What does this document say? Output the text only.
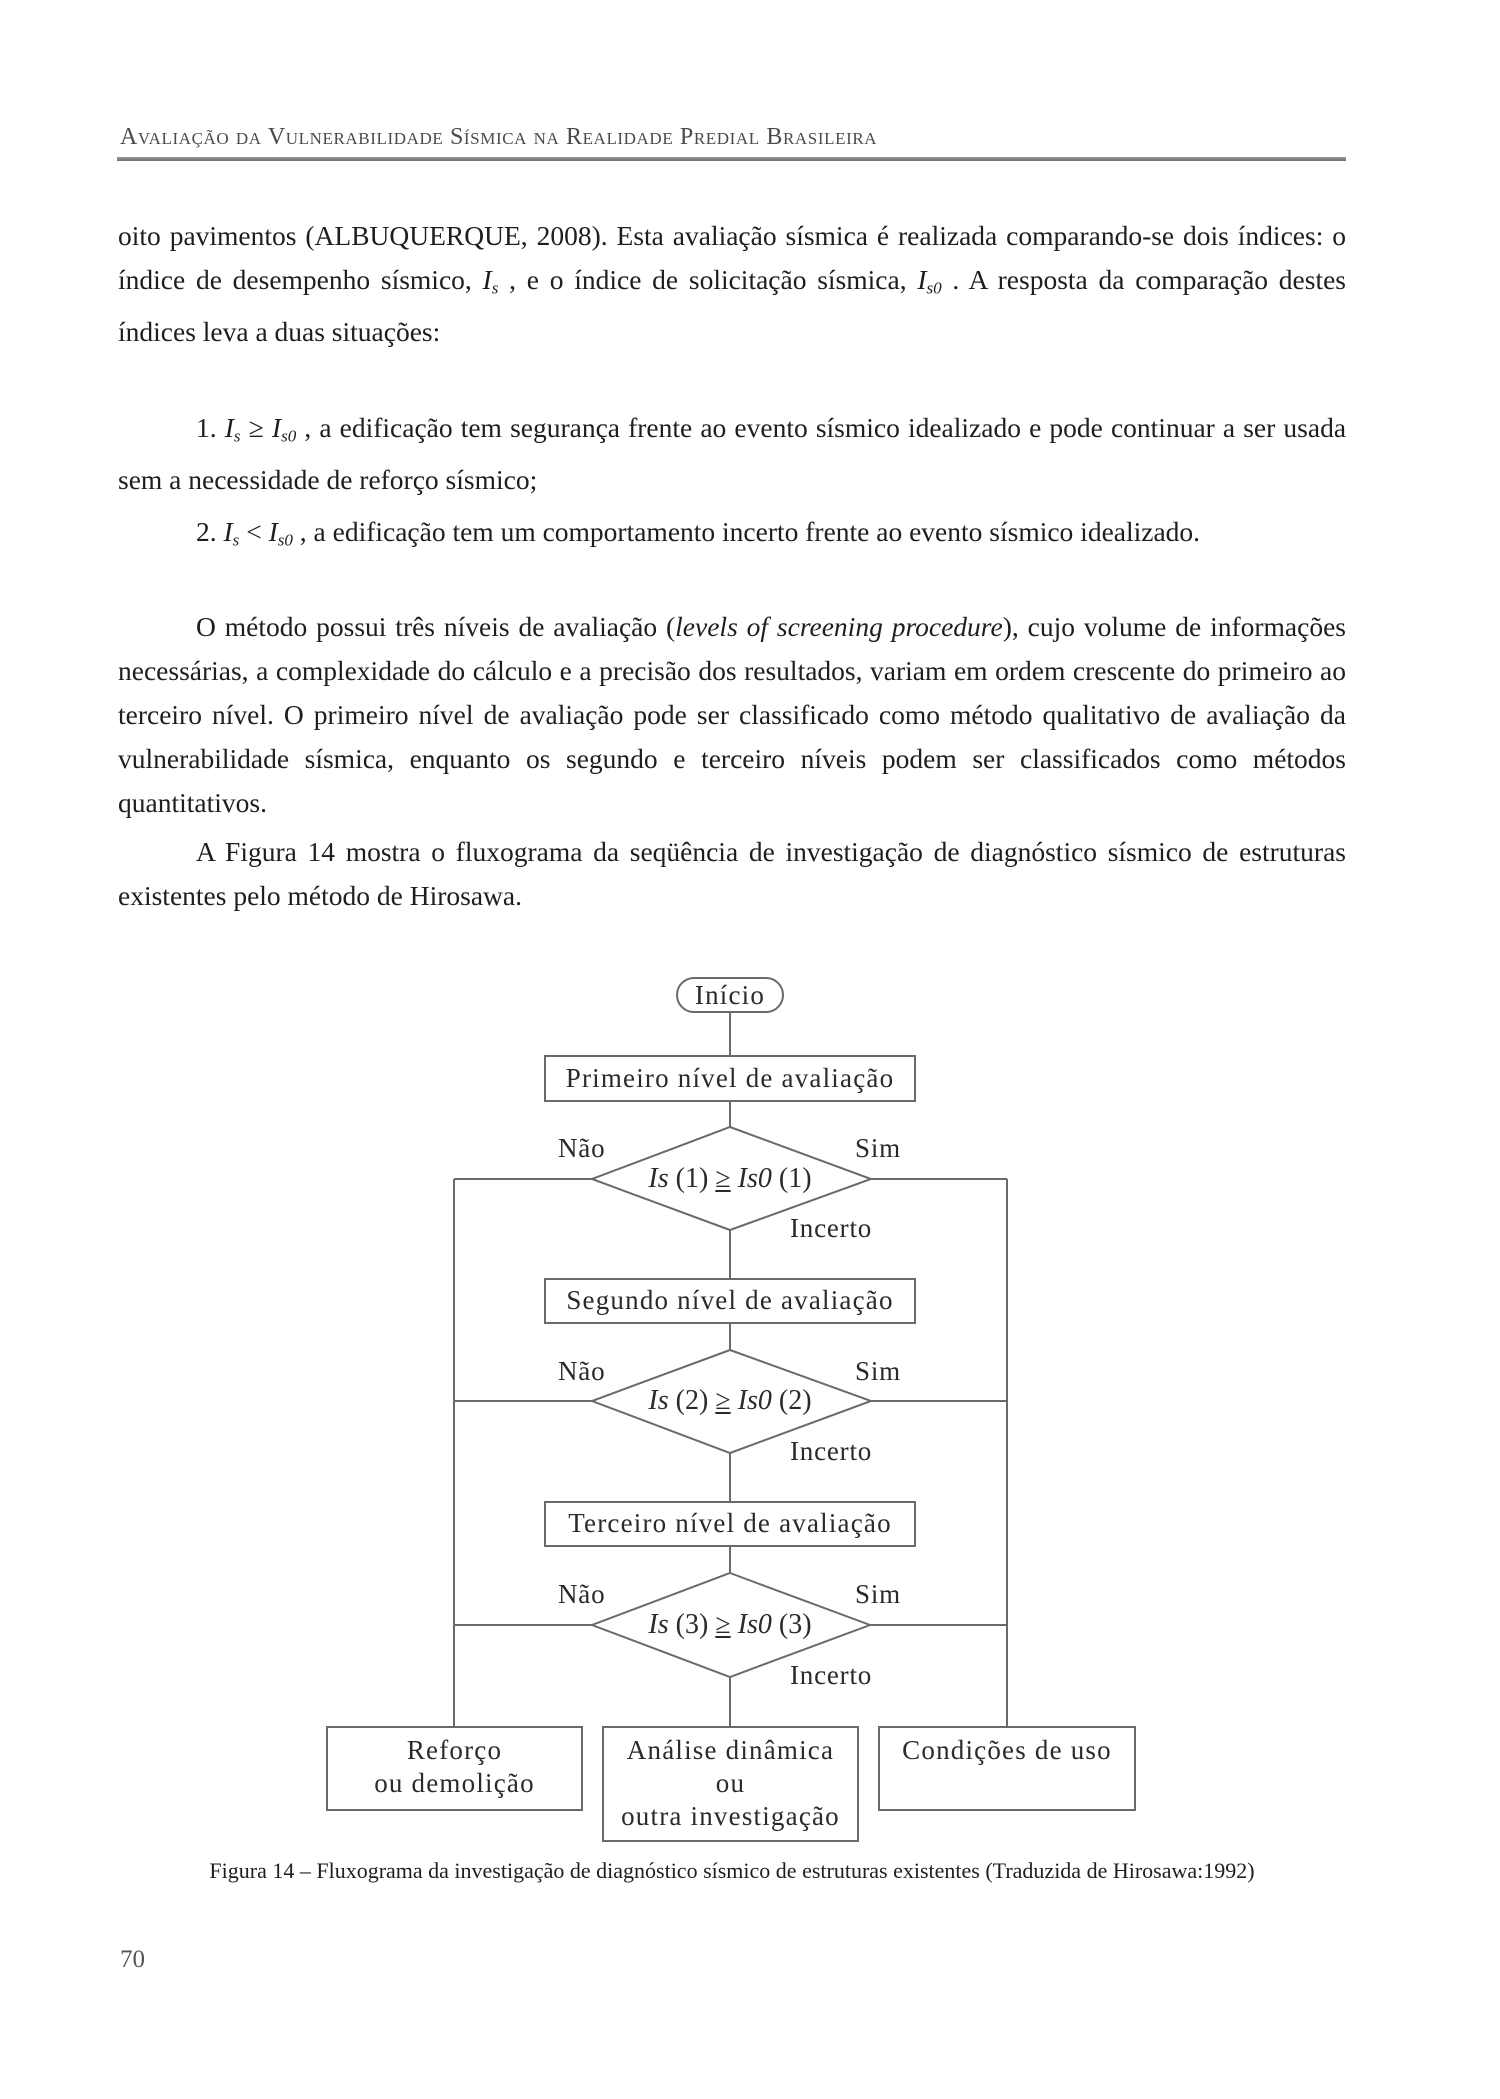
Avaliação da Vulnerabilidade Sísmica na Realidade Predial Brasileira

oito pavimentos (ALBUQUERQUE, 2008). Esta avaliação sísmica é realizada comparando-se dois índices: o índice de desempenho sísmico, $I_s$ , e o índice de solicitação sísmica, $I_{s0}$ . A resposta da comparação destes índices leva a duas situações:

1. $I_s \ge I_{s0}$ , a edificação tem segurança frente ao evento sísmico idealizado e pode continuar a ser usada sem a necessidade de reforço sísmico;

2. $I_s < I_{s0}$ , a edificação tem um comportamento incerto frente ao evento sísmico idealizado.

O método possui três níveis de avaliação (levels of screening procedure), cujo volume de informações necessárias, a complexidade do cálculo e a precisão dos resultados, variam em ordem crescente do primeiro ao terceiro nível. O primeiro nível de avaliação pode ser classificado como método qualitativo de avaliação da vulnerabilidade sísmica, enquanto os segundo e terceiro níveis podem ser classificados como métodos quantitativos.

A Figura 14 mostra o fluxograma da seqüência de investigação de diagnóstico sísmico de estruturas existentes pelo método de Hirosawa.

Início
Primeiro nível de avaliação
Não	Sim
Is (1) ≥ Is0 (1)
Incerto
Segundo nível de avaliação
Não	Sim
Is (2) ≥ Is0 (2)
Incerto
Terceiro nível de avaliação
Não	Sim
Is (3) ≥ Is0 (3)
Incerto
Reforço
ou demolição
Análise dinâmica
ou
outra investigação
Condições de uso
Figura 14 – Fluxograma da investigação de diagnóstico sísmico de estruturas existentes (Traduzida de Hirosawa:1992)
70
